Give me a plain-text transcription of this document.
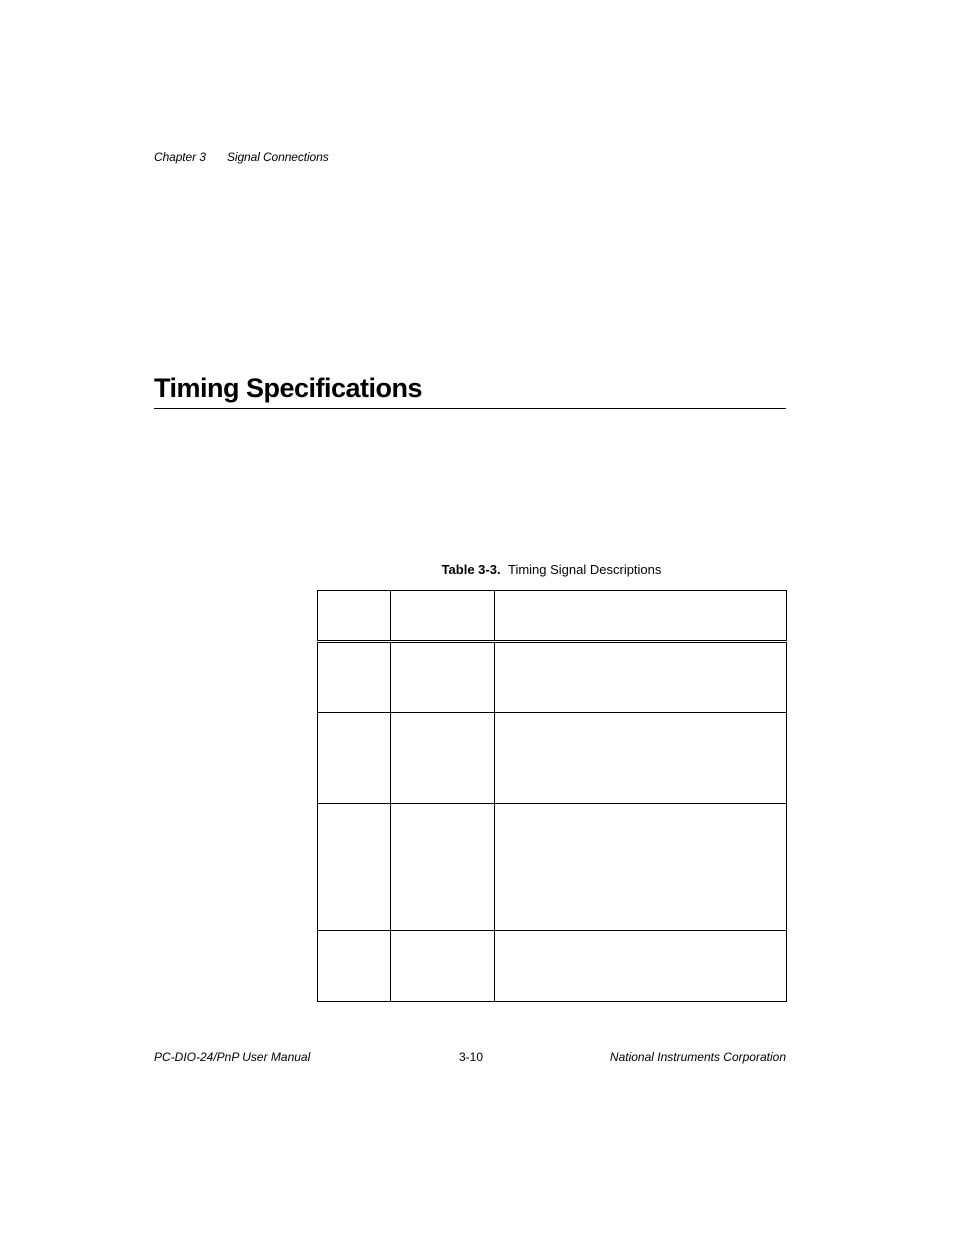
Chapter 3 Signal Connections
Timing Specifications
Table 3-3. Timing Signal Descriptions

PC-DIO-24/PnP User Manual	3-10	National Instruments Corporation
